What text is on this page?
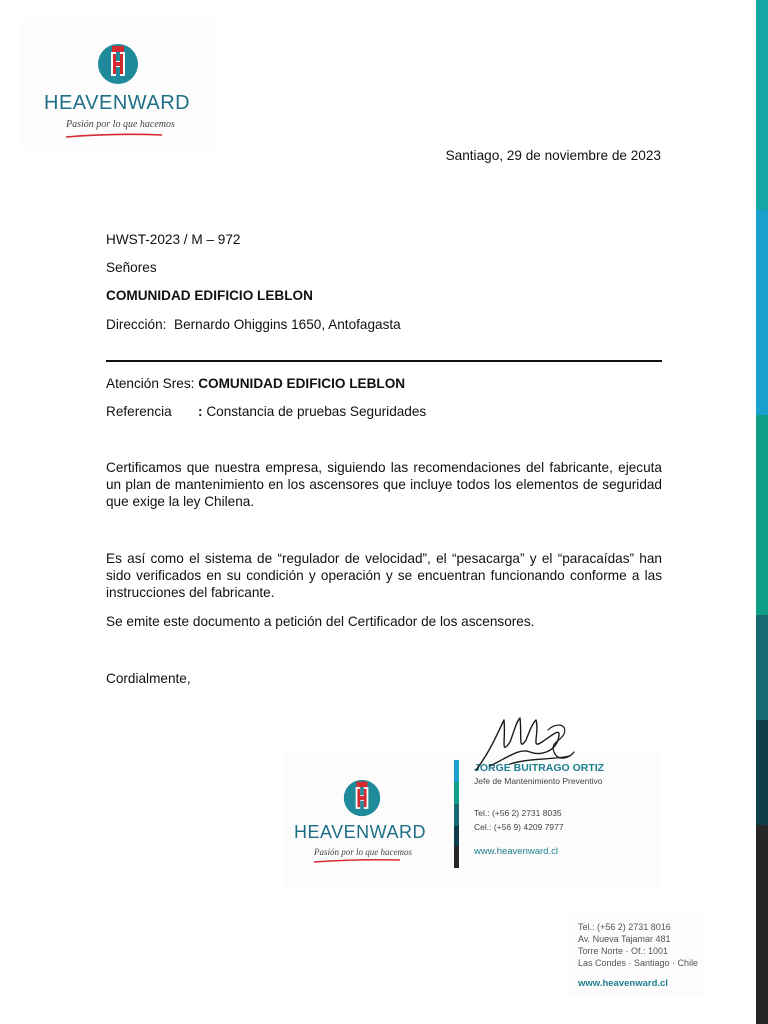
HEAVENWARD
Pasión por lo que hacemos
Santiago, 29 de noviembre de 2023
HWST-2023 / M – 972
Señores
COMUNIDAD EDIFICIO LEBLON
Dirección: Bernardo Ohiggins 1650, Antofagasta
Atención Sres: COMUNIDAD EDIFICIO LEBLON
Referencia : Constancia de pruebas Seguridades
Certificamos que nuestra empresa, siguiendo las recomendaciones del fabricante, ejecuta un plan de mantenimiento en los ascensores que incluye todos los elementos de seguridad que exige la ley Chilena.
Es así como el sistema de “regulador de velocidad”, el “pesacarga” y el “paracaídas” han sido verificados en su condición y operación y se encuentran funcionando conforme a las instrucciones del fabricante.
Se emite este documento a petición del Certificador de los ascensores.
Cordialmente,
HEAVENWARD
Pasión por lo que hacemos
JORGE BUITRAGO ORTIZ
Jefe de Mantenimiento Preventivo
Tel.: (+56 2) 2731 8035
Cel.: (+56 9) 4209 7977
www.heavenward.cl
Tel.: (+56 2) 2731 8016
Av. Nueva Tajamar 481
Torre Norte · Of.: 1001
Las Condes · Santiago · Chile
www.heavenward.cl
